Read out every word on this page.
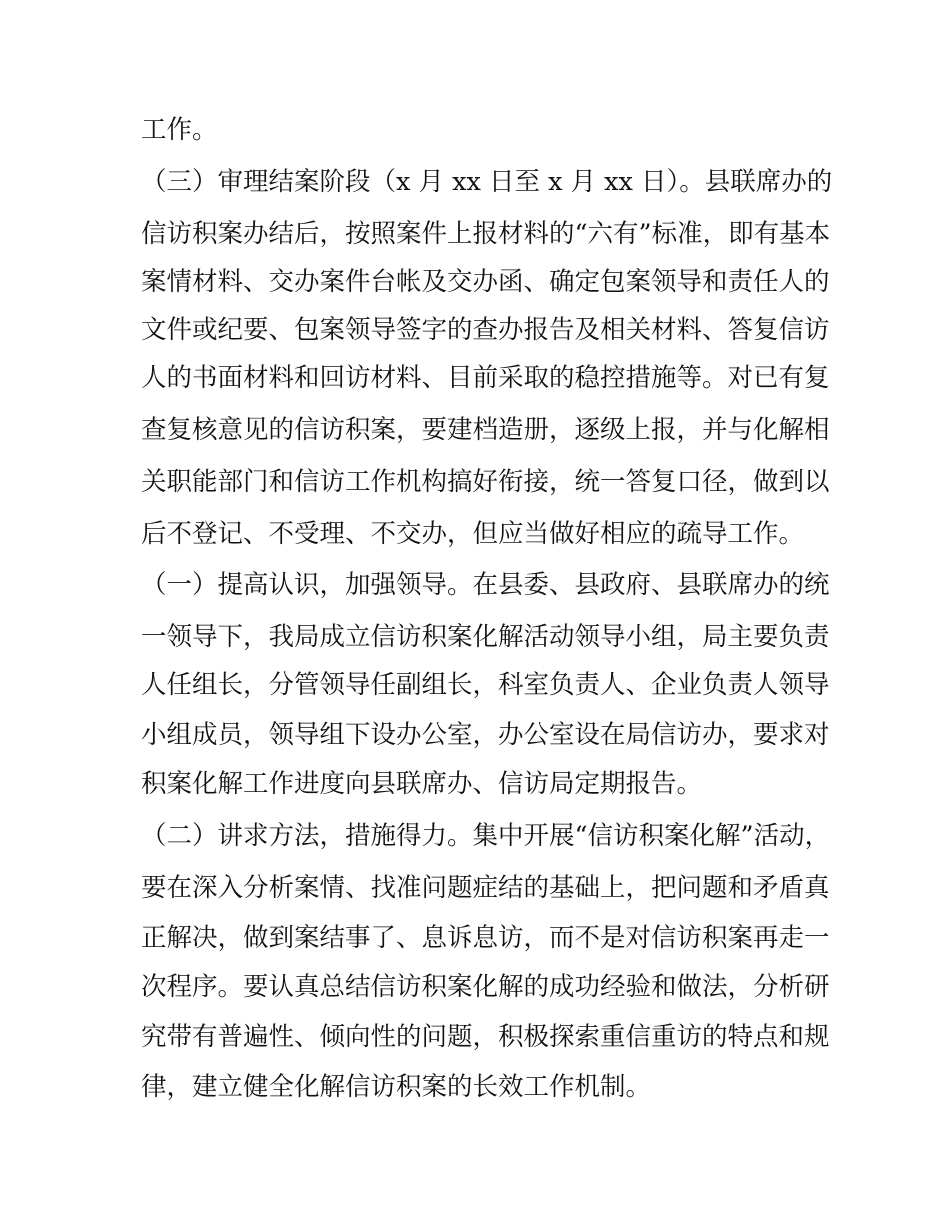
工作。
（三）审理结案阶段（x 月 xx 日至 x 月 xx 日）。县联席办的
信访积案办结后，按照案件上报材料的“六有”标准，即有基本
案情材料、交办案件台帐及交办函、确定包案领导和责任人的
文件或纪要、包案领导签字的查办报告及相关材料、答复信访
人的书面材料和回访材料、目前采取的稳控措施等。对已有复
查复核意见的信访积案，要建档造册，逐级上报，并与化解相
关职能部门和信访工作机构搞好衔接，统一答复口径，做到以
后不登记、不受理、不交办，但应当做好相应的疏导工作。
（一）提高认识，加强领导。在县委、县政府、县联席办的统
一领导下，我局成立信访积案化解活动领导小组，局主要负责
人任组长，分管领导任副组长，科室负责人、企业负责人领导
小组成员，领导组下设办公室，办公室设在局信访办，要求对
积案化解工作进度向县联席办、信访局定期报告。
（二）讲求方法，措施得力。集中开展“信访积案化解”活动，
要在深入分析案情、找准问题症结的基础上，把问题和矛盾真
正解决，做到案结事了、息诉息访，而不是对信访积案再走一
次程序。要认真总结信访积案化解的成功经验和做法，分析研
究带有普遍性、倾向性的问题，积极探索重信重访的特点和规
律，建立健全化解信访积案的长效工作机制。
